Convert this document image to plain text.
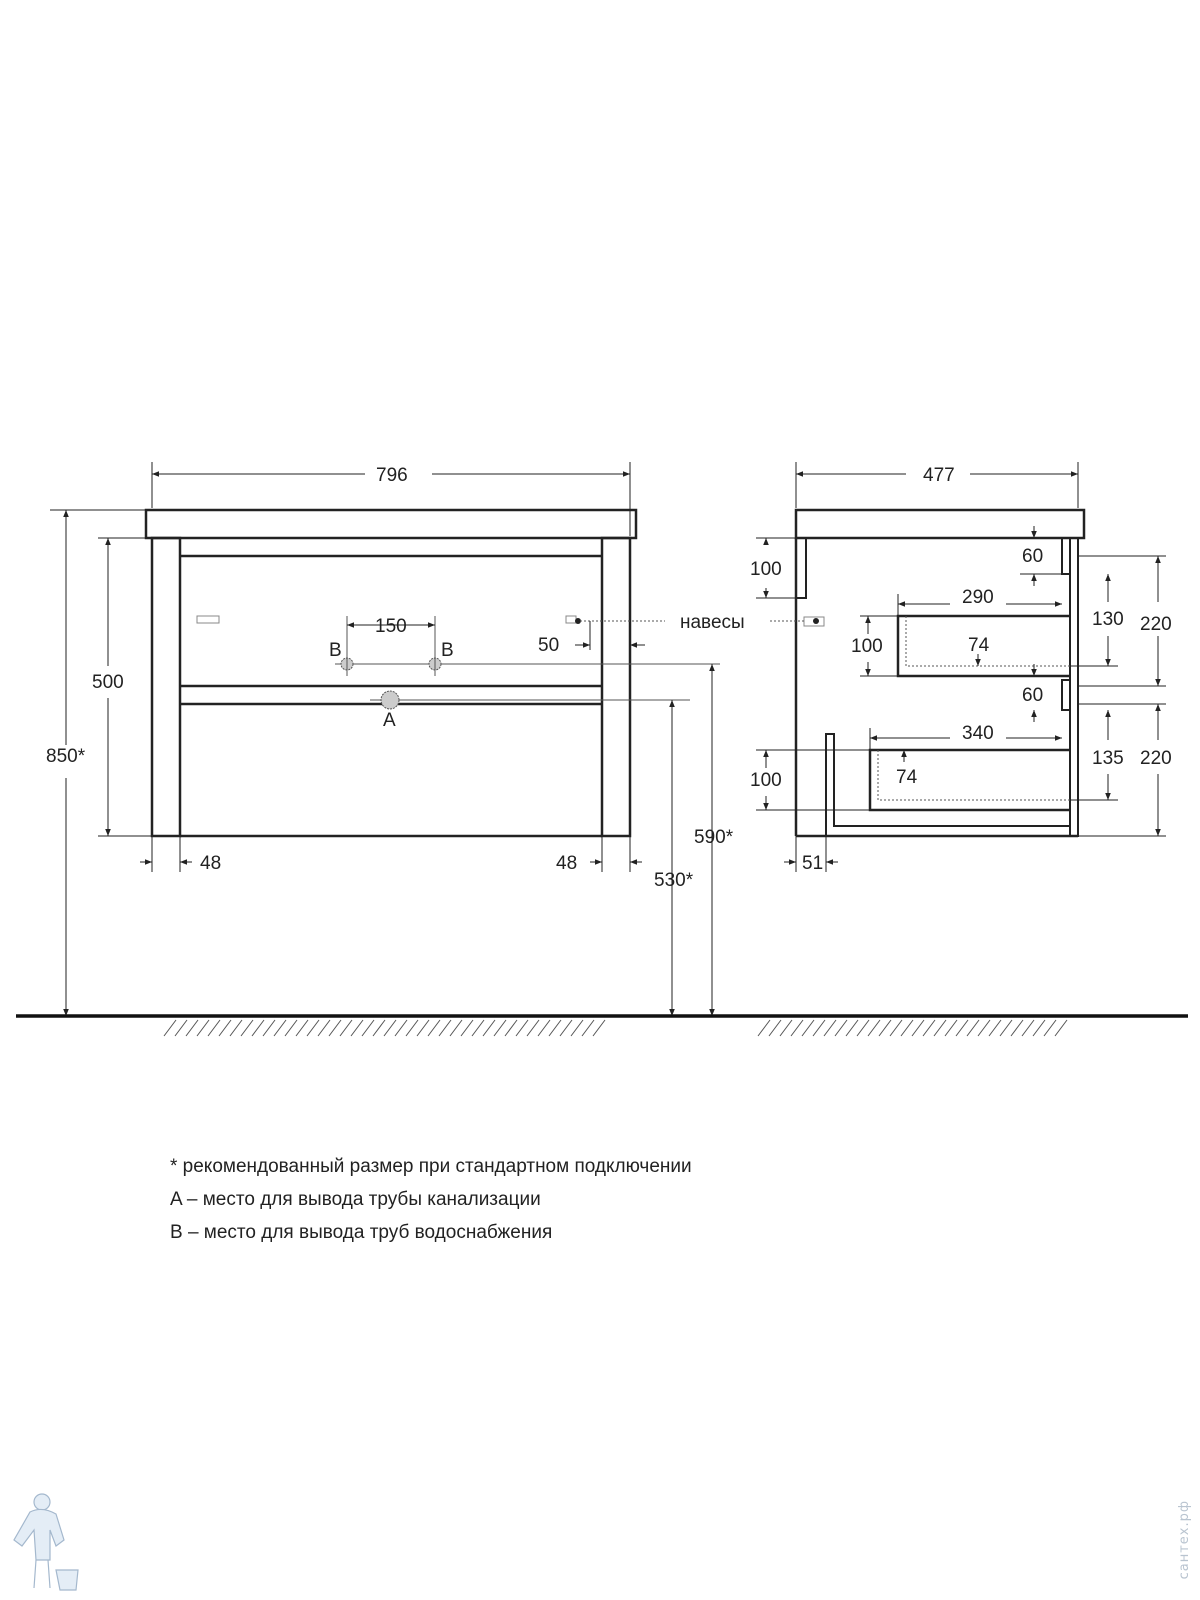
796
850*
500
48	48
150
50
B	B
A
590*
530*
навесы
477
100
290
100	74
60
130 220
60
340
135 220
100	74
51
* рекомендованный размер при стандартном подключении
A – место для вывода трубы канализации
B – место для вывода труб водоснабжения
сантех.рф
